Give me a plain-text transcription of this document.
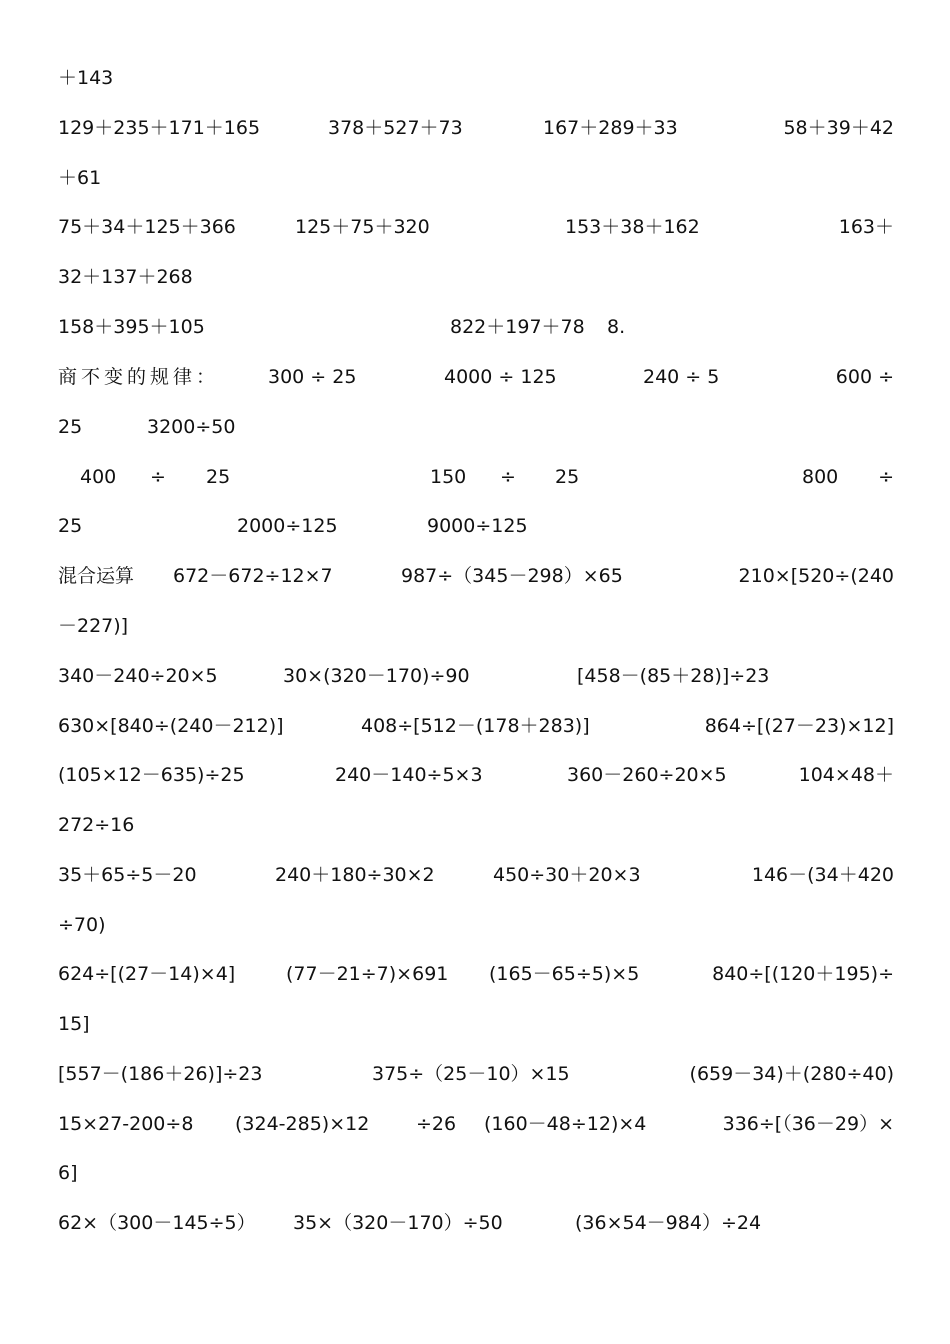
＋143
129＋235＋171＋165	378＋527＋73	167＋289＋33	58＋39＋42
＋61
75＋34＋125＋366	125＋75＋320	153＋38＋162	163＋
32＋137＋268
158＋395＋105	822＋197＋78 8.
商不变的规律：	300 ÷ 25	4000 ÷ 125	240 ÷ 5	600 ÷
25	3200÷50
400 ÷ 25	150 ÷ 25	800 ÷
25	2000÷125	9000÷125
混合运算 672－672÷12×7	987÷（345－298）×65	210×[520÷(240
－227)]
340－240÷20×5	30×(320－170)÷90	[458－(85＋28)]÷23
630×[840÷(240－212)]	408÷[512－(178＋283)]	864÷[(27－23)×12]
(105×12－635)÷25	240－140÷5×3	360－260÷20×5	104×48＋
272÷16
35＋65÷5－20	240＋180÷30×2	450÷30＋20×3	146－(34＋420
÷70)
624÷[(27－14)×4]	(77－21÷7)×691 (165－65÷5)×5	840÷[(120＋195)÷
15]
[557－(186＋26)]÷23	375÷（25－10）×15	(659－34)＋(280÷40)
15×27-200÷8 (324-285)×12 ÷26 (160－48÷12)×4	336÷[（36－29）×
6]
62×（300－145÷5） 35×（320－170）÷50	(36×54－984）÷24
